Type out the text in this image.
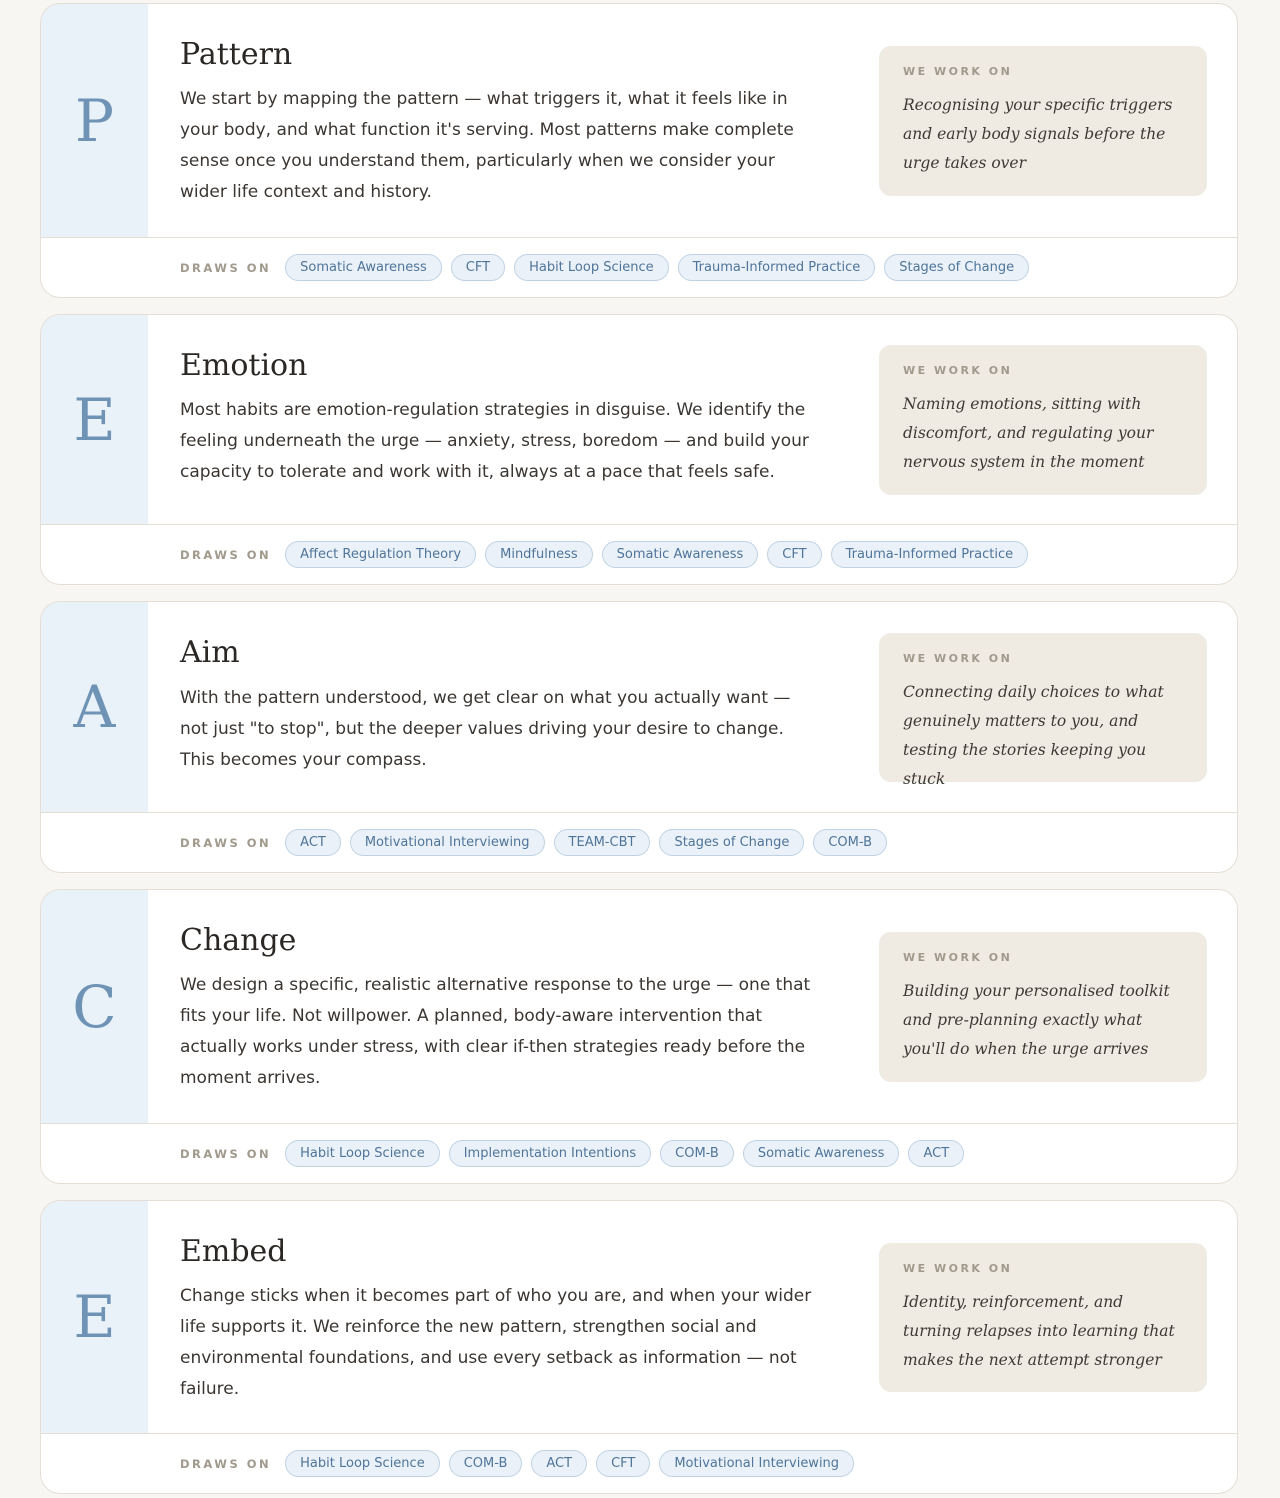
P
Pattern
We start by mapping the pattern — what triggers it, what it feels like in your body, and what function it's serving. Most patterns make complete sense once you understand them, particularly when we consider your wider life context and history.
WE WORK ON
Recognising your specific triggers and early body signals before the urge takes over
DRAWS ON	Somatic Awareness	CFT	Habit Loop Science	Trauma-Informed Practice	Stages of Change
E
Emotion
Most habits are emotion-regulation strategies in disguise. We identify the feeling underneath the urge — anxiety, stress, boredom — and build your capacity to tolerate and work with it, always at a pace that feels safe.
WE WORK ON
Naming emotions, sitting with discomfort, and regulating your nervous system in the moment
DRAWS ON	Affect Regulation Theory	Mindfulness	Somatic Awareness	CFT	Trauma-Informed Practice
A
Aim
With the pattern understood, we get clear on what you actually want — not just "to stop", but the deeper values driving your desire to change. This becomes your compass.
WE WORK ON
Connecting daily choices to what genuinely matters to you, and testing the stories keeping you stuck
DRAWS ON	ACT	Motivational Interviewing	TEAM-CBT	Stages of Change	COM-B
C
Change
We design a specific, realistic alternative response to the urge — one that fits your life. Not willpower. A planned, body-aware intervention that actually works under stress, with clear if-then strategies ready before the moment arrives.
WE WORK ON
Building your personalised toolkit and pre-planning exactly what you'll do when the urge arrives
DRAWS ON	Habit Loop Science	Implementation Intentions	COM-B	Somatic Awareness	ACT
E
Embed
Change sticks when it becomes part of who you are, and when your wider life supports it. We reinforce the new pattern, strengthen social and environmental foundations, and use every setback as information — not failure.
WE WORK ON
Identity, reinforcement, and turning relapses into learning that makes the next attempt stronger
DRAWS ON	Habit Loop Science	COM-B	ACT	CFT	Motivational Interviewing
